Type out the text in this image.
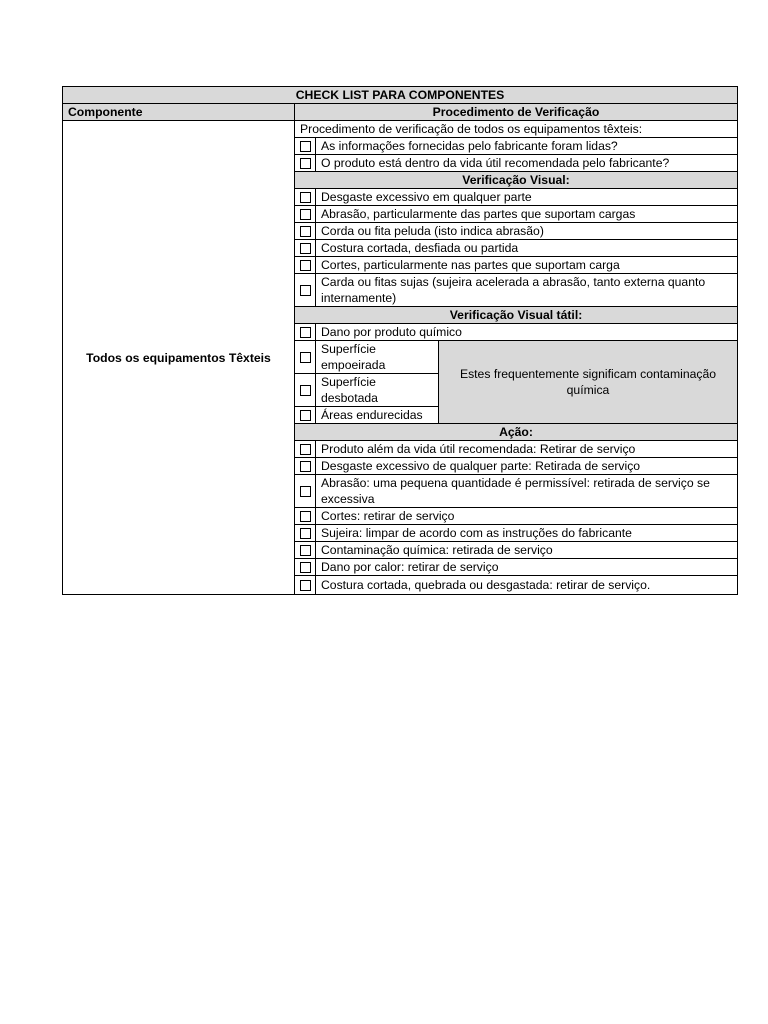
CHECK LIST PARA COMPONENTES			
Componente	Procedimento de Verificação		
Todos os equipamentos Têxteis	Procedimento de verificação de todos os equipamentos têxteis:		
		As informações fornecidas pelo fabricante foram lidas?	
		O produto está dentro da vida útil recomendada pelo fabricante?	
	Verificação Visual:		
		Desgaste excessivo em qualquer parte	
		Abrasão, particularmente das partes que suportam cargas	
		Corda ou fita peluda (isto indica abrasão)	
		Costura cortada, desfiada ou partida	
		Cortes, particularmente nas partes que suportam carga	
		Carda ou fitas sujas (sujeira acelerada a abrasão, tanto externa quanto internamente)	
	Verificação Visual tátil:		
		Dano por produto químico	
		Superfície empoeirada	Estes frequentemente significam contaminação química
		Superfície desbotada	
		Áreas endurecidas	
	Ação:		
		Produto além da vida útil recomendada: Retirar de serviço	
		Desgaste excessivo de qualquer parte: Retirada de serviço	
		Abrasão: uma pequena quantidade é permissível: retirada de serviço se excessiva	
		Cortes: retirar de serviço	
		Sujeira: limpar de acordo com as instruções do fabricante	
		Contaminação química: retirada de serviço	
		Dano por calor: retirar de serviço	
		Costura cortada, quebrada ou desgastada: retirar de serviço.	
